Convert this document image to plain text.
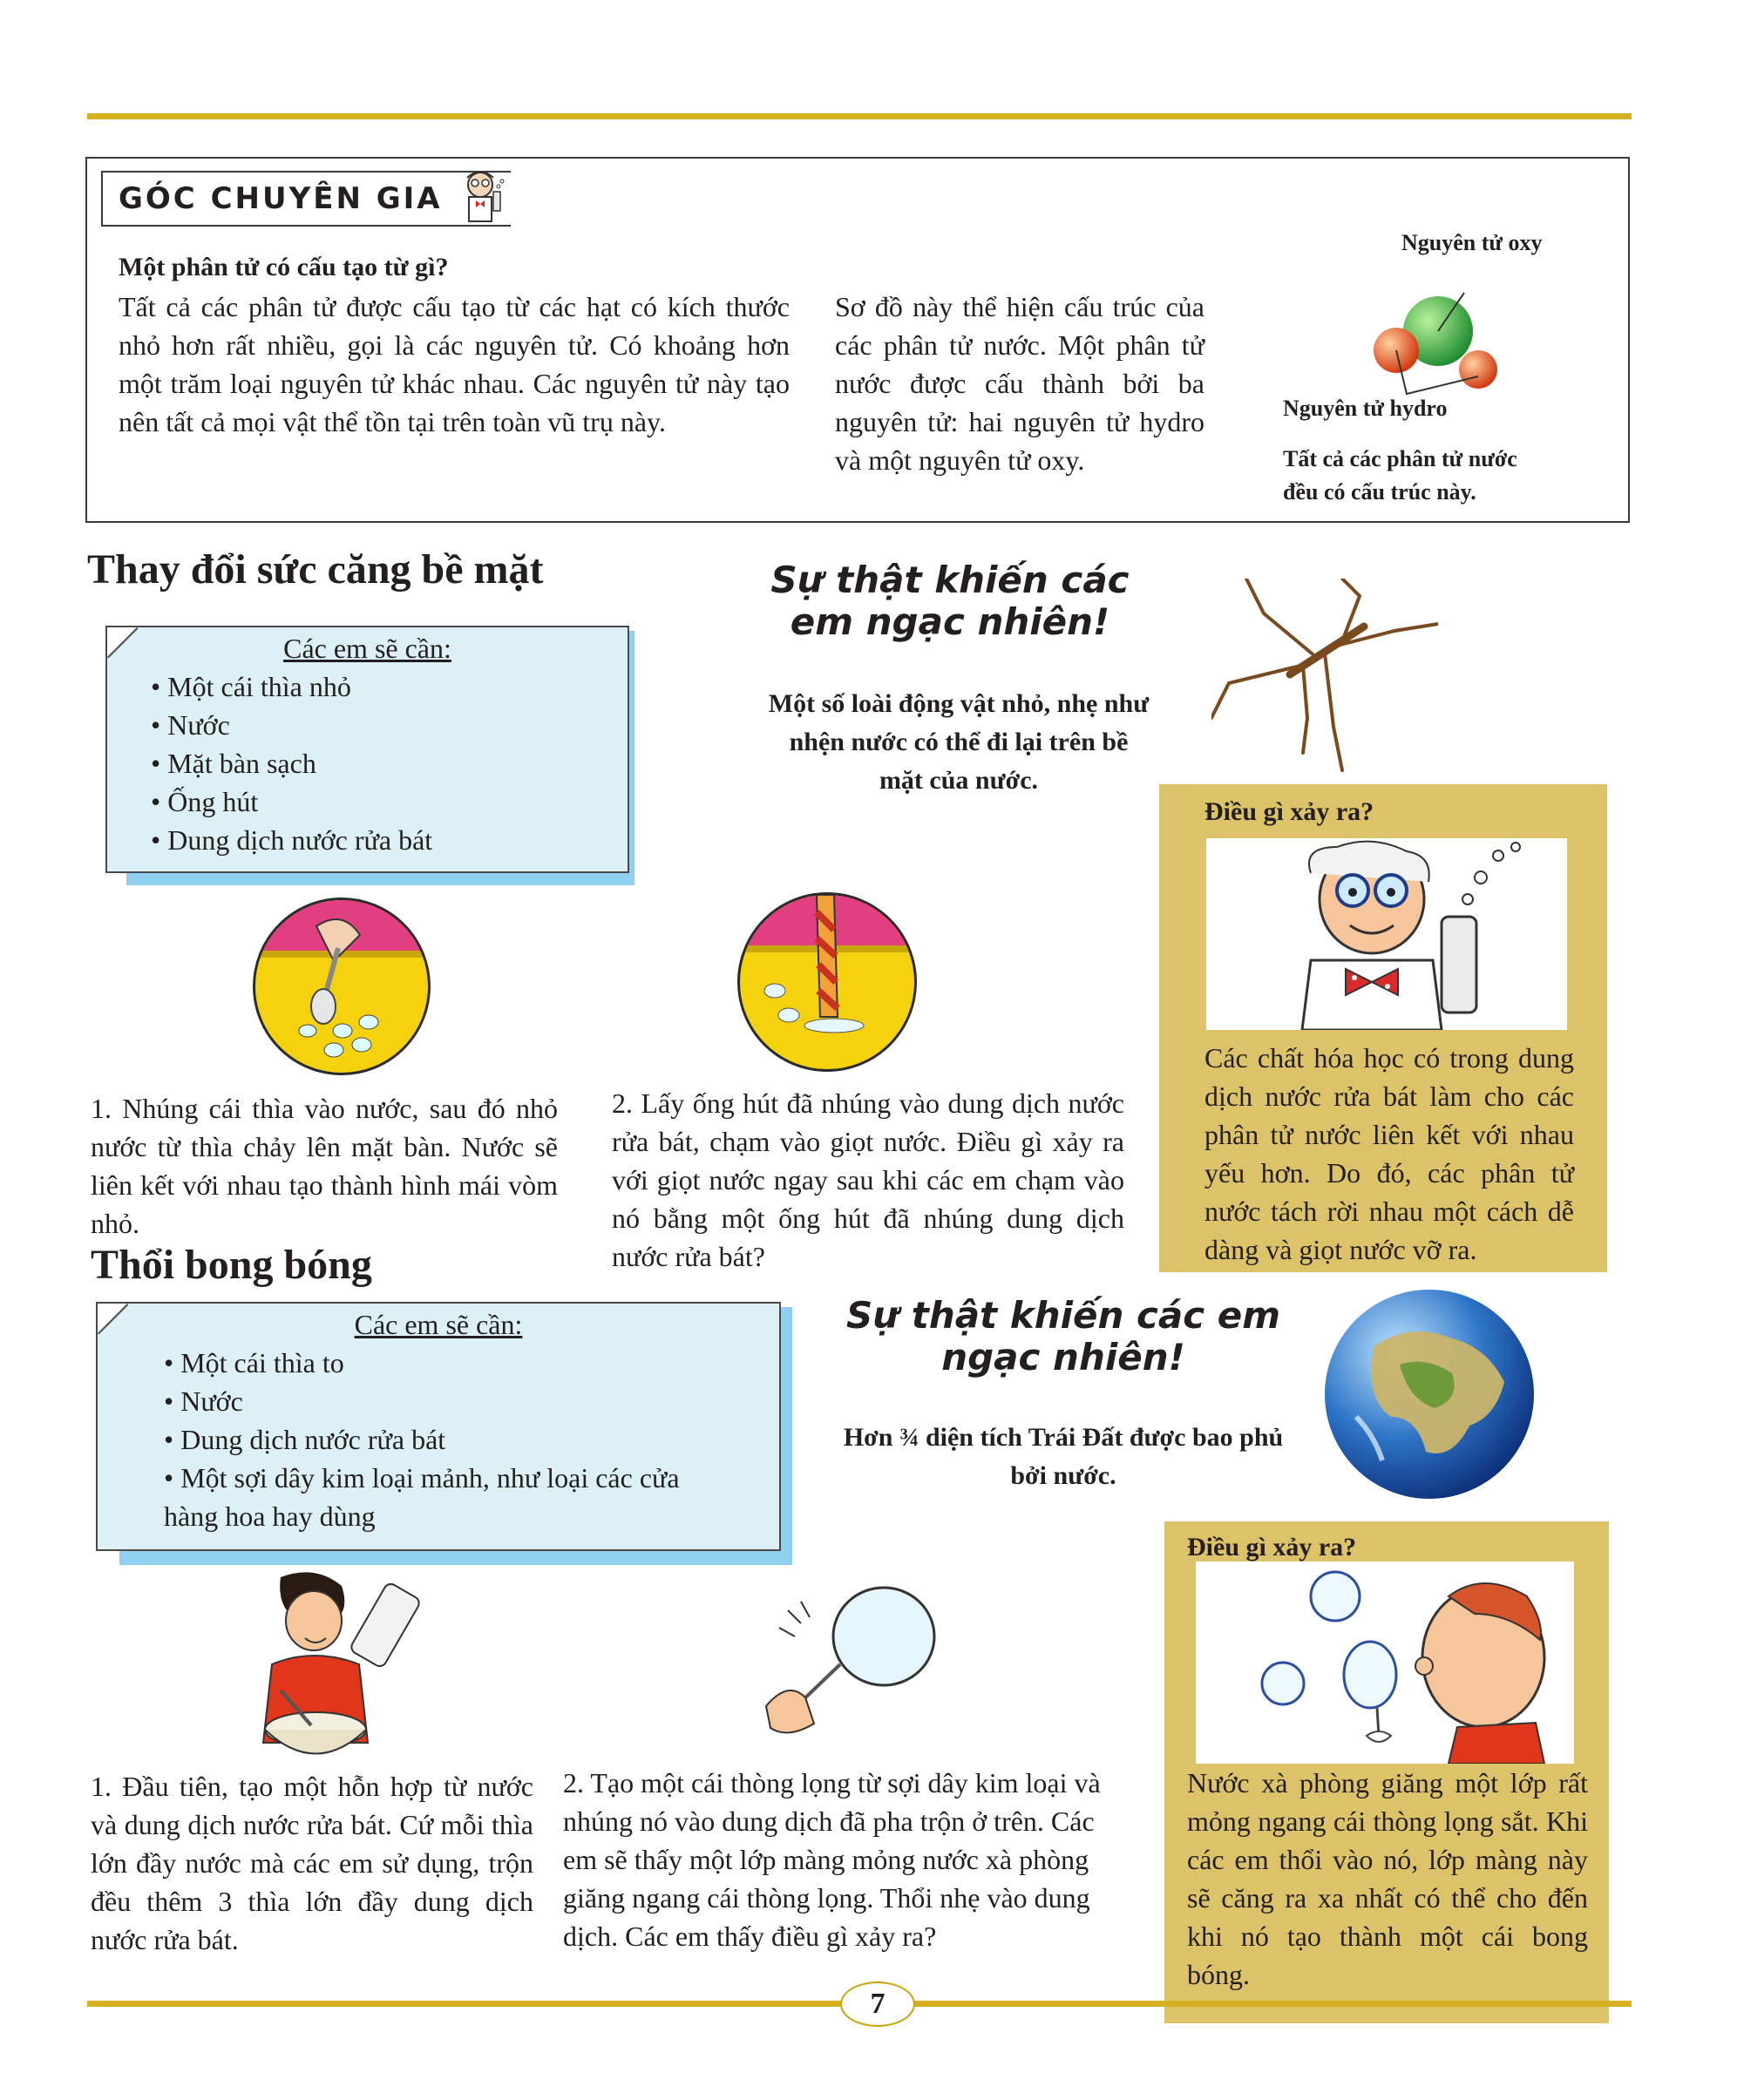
GÓC CHUYÊN GIA
Một phân tử có cấu tạo từ gì?
Tất cả các phân tử được cấu tạo từ các hạt có kích thước nhỏ hơn rất nhiều, gọi là các nguyên tử. Có khoảng hơn một trăm loại nguyên tử khác nhau. Các nguyên tử này tạo nên tất cả mọi vật thể tồn tại trên toàn vũ trụ này.
Sơ đồ này thể hiện cấu trúc của các phân tử nước. Một phân tử nước được cấu thành bởi ba nguyên tử: hai nguyên tử hydro và một nguyên tử oxy.
Nguyên tử oxy
Nguyên tử hydro
Tất cả các phân tử nước đều có cấu trúc này.
Thay đổi sức căng bề mặt
Các em sẽ cần:
• Một cái thìa nhỏ
• Nước
• Mặt bàn sạch
• Ống hút
• Dung dịch nước rửa bát
Sự thật khiến các em ngạc nhiên!
Một số loài động vật nhỏ, nhẹ như nhện nước có thể đi lại trên bề mặt của nước.
1. Nhúng cái thìa vào nước, sau đó nhỏ nước từ thìa chảy lên mặt bàn. Nước sẽ liên kết với nhau tạo thành hình mái vòm nhỏ.
2. Lấy ống hút đã nhúng vào dung dịch nước rửa bát, chạm vào giọt nước. Điều gì xảy ra với giọt nước ngay sau khi các em chạm vào nó bằng một ống hút đã nhúng dung dịch nước rửa bát?
Điều gì xảy ra?
Các chất hóa học có trong dung dịch nước rửa bát làm cho các phân tử nước liên kết với nhau yếu hơn. Do đó, các phân tử nước tách rời nhau một cách dễ dàng và giọt nước vỡ ra.
Thổi bong bóng
Các em sẽ cần:
• Một cái thìa to
• Nước
• Dung dịch nước rửa bát
• Một sợi dây kim loại mảnh, như loại các cửa hàng hoa hay dùng
Sự thật khiến các em ngạc nhiên!
Hơn ¾ diện tích Trái Đất được bao phủ bởi nước.
1. Đầu tiên, tạo một hỗn hợp từ nước và dung dịch nước rửa bát. Cứ mỗi thìa lớn đầy nước mà các em sử dụng, trộn đều thêm 3 thìa lớn đầy dung dịch nước rửa bát.
2. Tạo một cái thòng lọng từ sợi dây kim loại và nhúng nó vào dung dịch đã pha trộn ở trên. Các em sẽ thấy một lớp màng mỏng nước xà phòng giăng ngang cái thòng lọng. Thổi nhẹ vào dung dịch. Các em thấy điều gì xảy ra?
Điều gì xảy ra?
Nước xà phòng giăng một lớp rất mỏng ngang cái thòng lọng sắt. Khi các em thổi vào nó, lớp màng này sẽ căng ra xa nhất có thể cho đến khi nó tạo thành một cái bong bóng.
7
